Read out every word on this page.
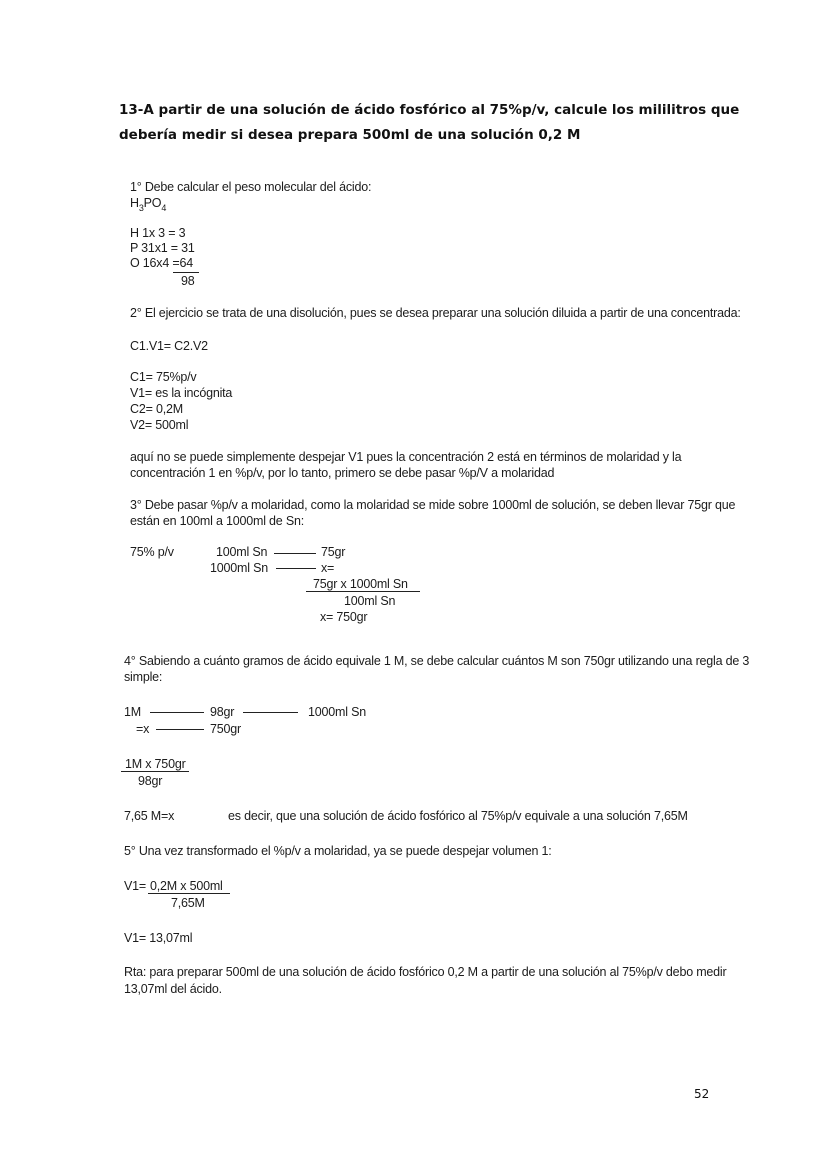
13-A partir de una solución de ácido fosfórico al 75%p/v, calcule los mililitros que
debería medir si desea prepara 500ml de una solución 0,2 M
1° Debe calcular el peso molecular del ácido:
$H_3PO_4$
H 1x 3 = 3
P 31x1 = 31
O 16x4 =64
98
2° El ejercicio se trata de una disolución, pues se desea preparar una solución diluida a partir de una concentrada:
C1.V1= C2.V2
C1= 75%p/v
V1= es la incógnita
C2= 0,2M
V2= 500ml
aquí no se puede simplemente despejar V1 pues la concentración 2 está en términos de molaridad y la
concentración 1 en %p/v, por lo tanto, primero se debe pasar %p/V a molaridad
3° Debe pasar %p/v a molaridad, como la molaridad se mide sobre 1000ml de solución, se deben llevar 75gr que
están en 100ml a 1000ml de Sn:
75% p/v	100ml Sn	75gr
1000ml Sn	x=
75gr x 1000ml Sn
100ml Sn
x= 750gr
4° Sabiendo a cuánto gramos de ácido equivale 1 M, se debe calcular cuántos M son 750gr utilizando una regla de 3
simple:
1M	98gr	1000ml Sn
=x	750gr
1M x 750gr
98gr
7,65 M=x	es decir, que una solución de ácido fosfórico al 75%p/v equivale a una solución 7,65M
5° Una vez transformado el %p/v a molaridad, ya se puede despejar volumen 1:
V1= 0,2M x 500ml
7,65M
V1= 13,07ml
Rta: para preparar 500ml de una solución de ácido fosfórico 0,2 M a partir de una solución al 75%p/v debo medir
13,07ml del ácido.
52
